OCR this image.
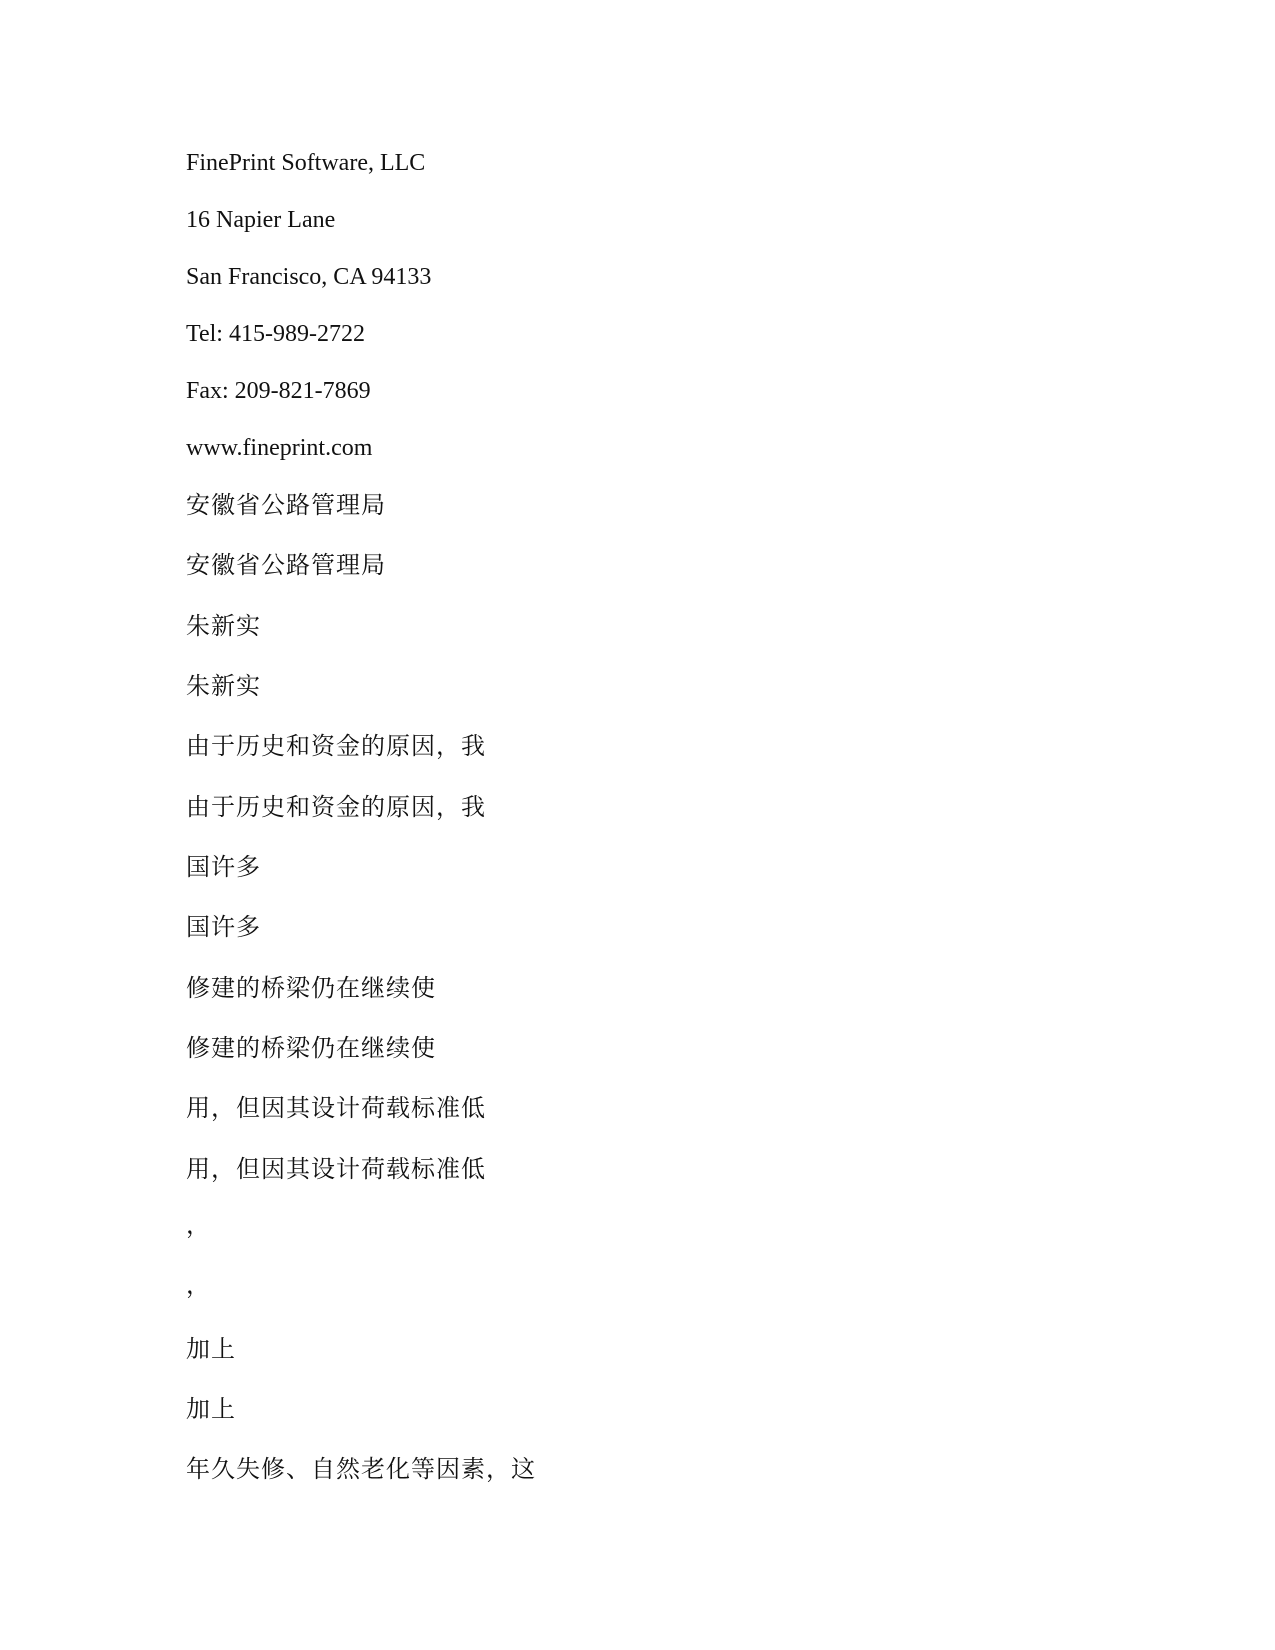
FinePrint Software, LLC
16 Napier Lane
San Francisco, CA 94133
Tel: 415-989-2722
Fax: 209-821-7869
www.fineprint.com
安徽省公路管理局
安徽省公路管理局
朱新实
朱新实
由于历史和资金的原因，我
由于历史和资金的原因，我
国许多
国许多
修建的桥梁仍在继续使
修建的桥梁仍在继续使
用，但因其设计荷载标准低
用，但因其设计荷载标准低
，
，
加上
加上
年久失修、自然老化等因素，这
